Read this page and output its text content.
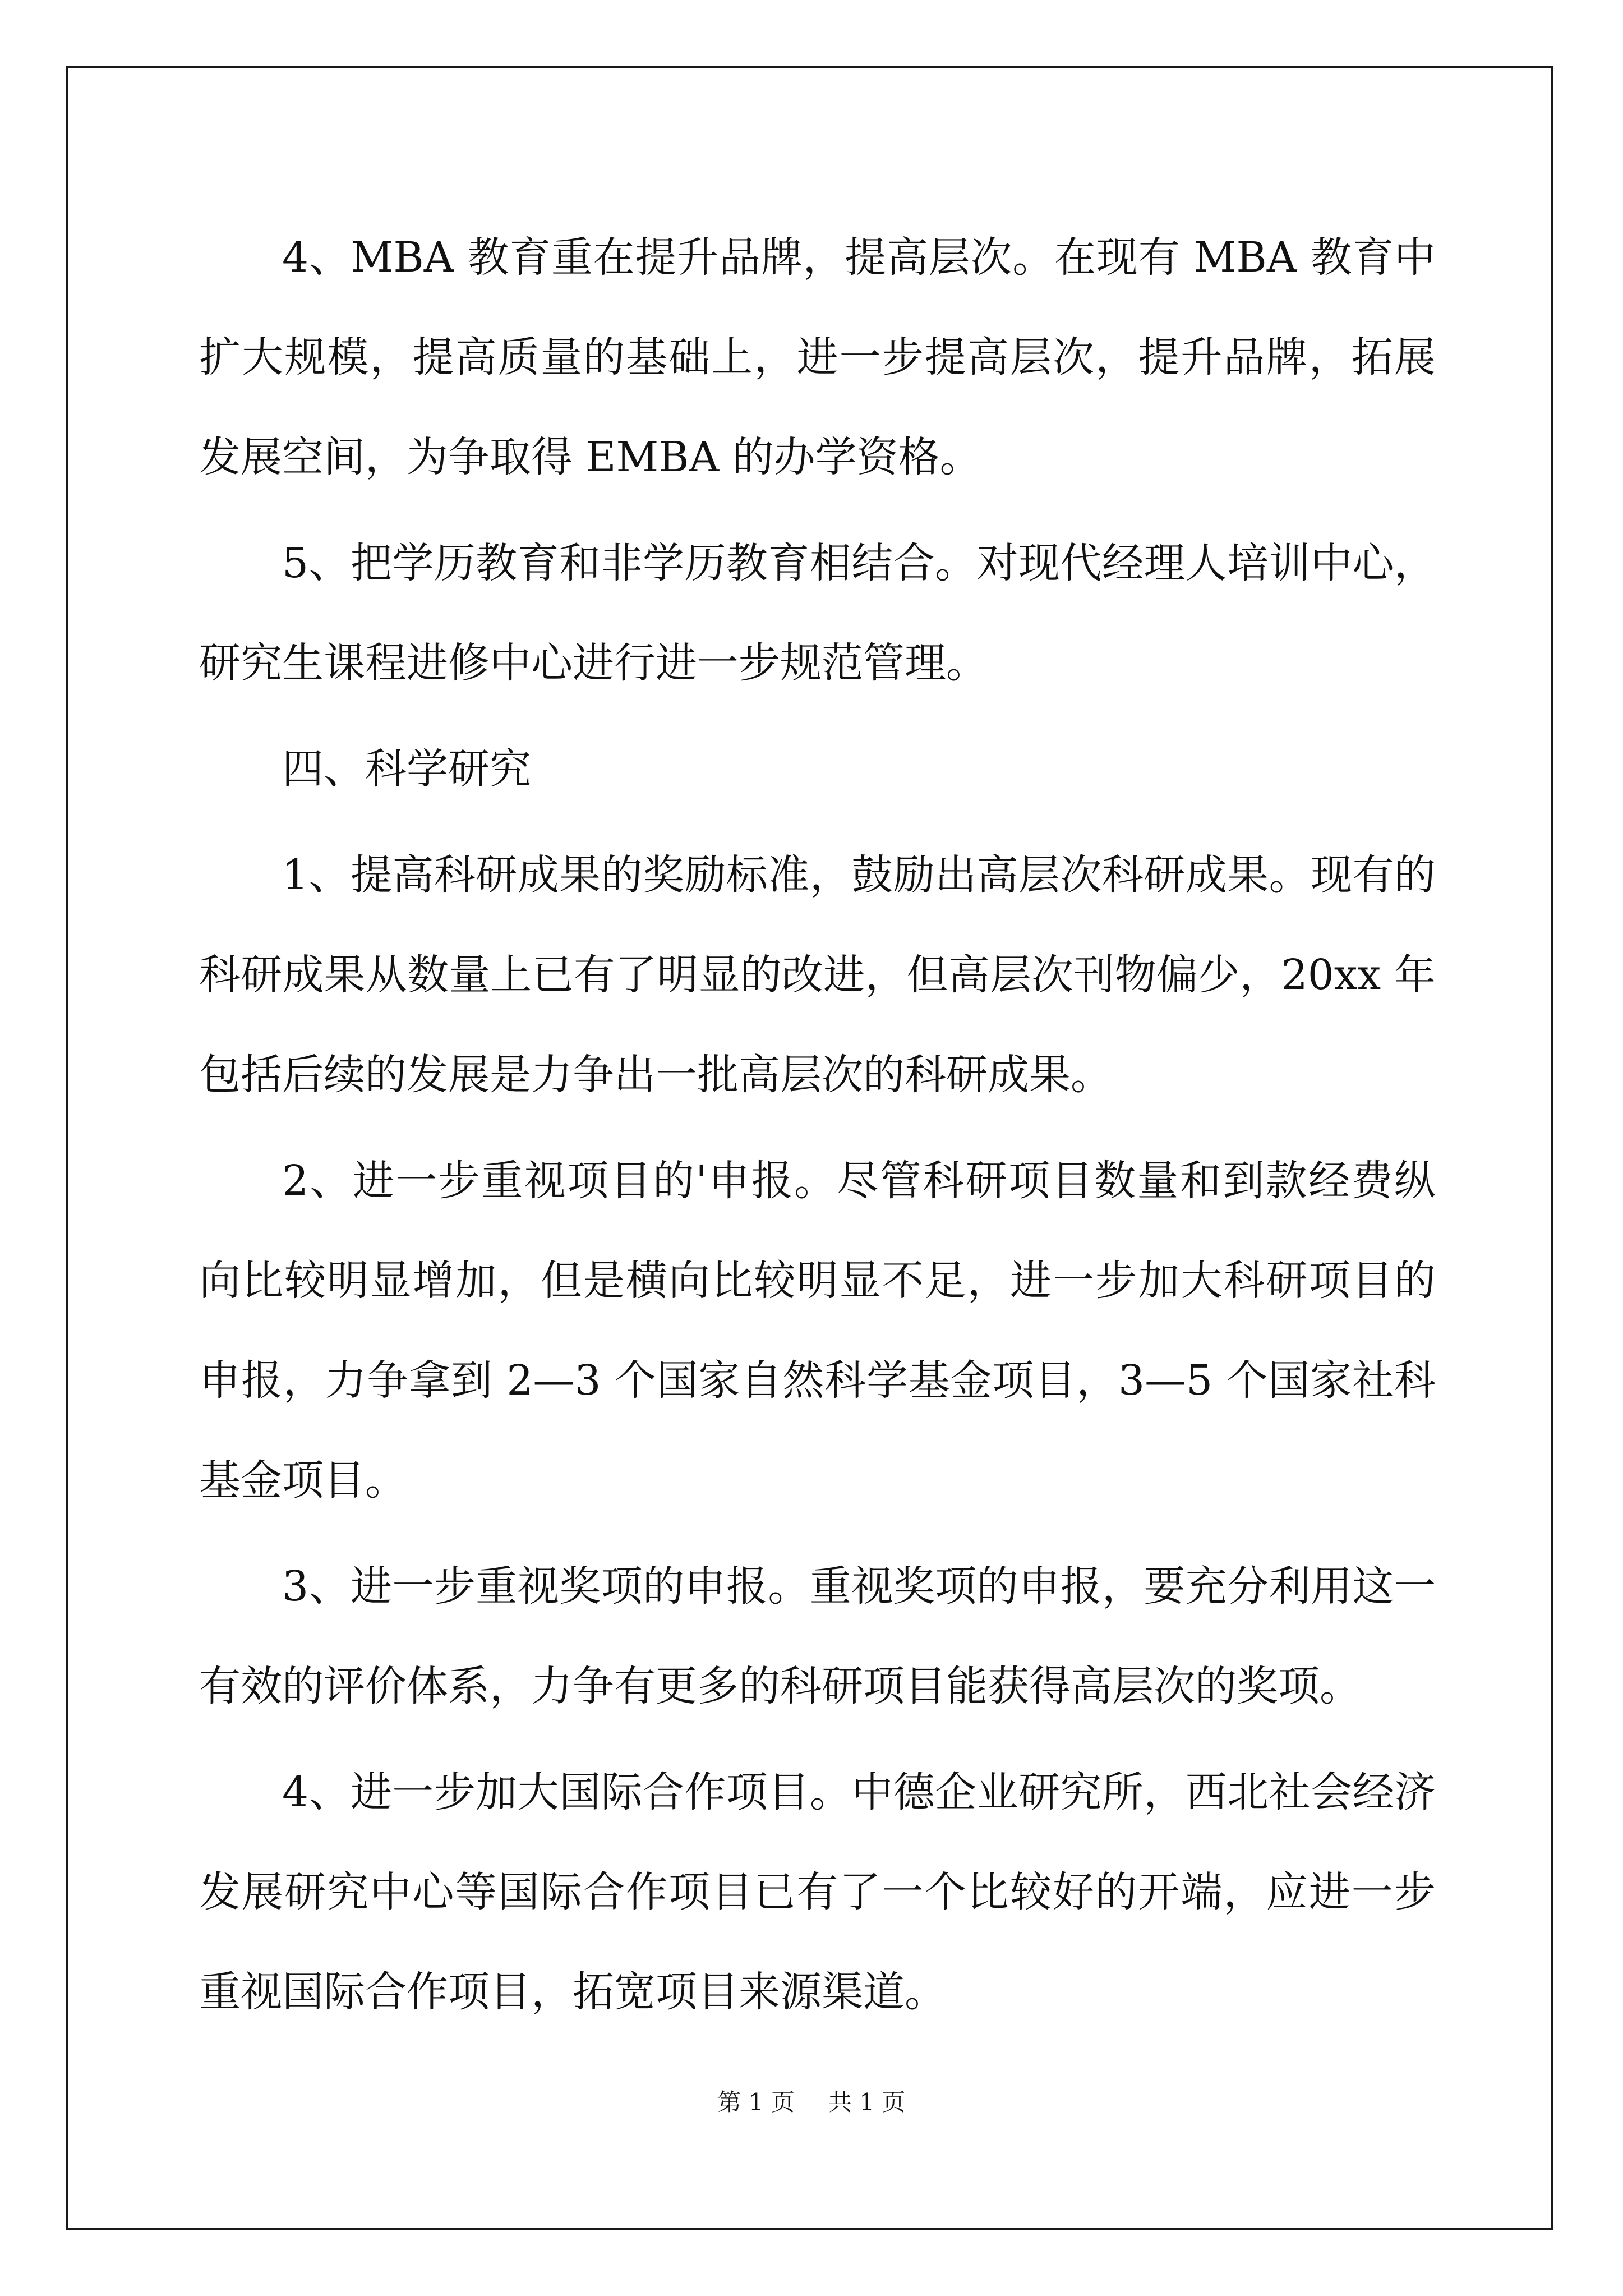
4、MBA 教育重在提升品牌，提高层次。在现有 MBA 教育中扩大规模，提高质量的基础上，进一步提高层次，提升品牌，拓展发展空间，为争取得 EMBA 的办学资格。

5、把学历教育和非学历教育相结合。对现代经理人培训中心，研究生课程进修中心进行进一步规范管理。

四、科学研究

1、提高科研成果的奖励标准，鼓励出高层次科研成果。现有的科研成果从数量上已有了明显的改进，但高层次刊物偏少，20xx 年包括后续的发展是力争出一批高层次的科研成果。

2、进一步重视项目的'申报。尽管科研项目数量和到款经费纵向比较明显增加，但是横向比较明显不足，进一步加大科研项目的申报，力争拿到 2—3 个国家自然科学基金项目，3—5 个国家社科基金项目。

3、进一步重视奖项的申报。重视奖项的申报，要充分利用这一有效的评价体系，力争有更多的科研项目能获得高层次的奖项。

4、进一步加大国际合作项目。中德企业研究所，西北社会经济发展研究中心等国际合作项目已有了一个比较好的开端，应进一步重视国际合作项目，拓宽项目来源渠道。

第 1 页 共 1 页
